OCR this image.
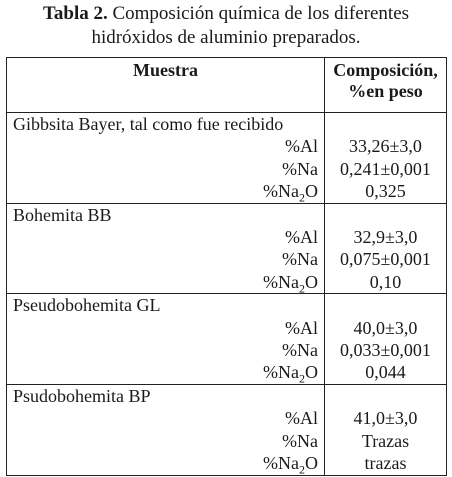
Tabla 2. Composición química de los diferentes
hidróxidos de aluminio preparados.
Muestra	Composición,
%en peso
Gibbsita Bayer, tal como fue recibido	
%Al	33,26±3,0
%Na	0,241±0,001
$\%Na_2O$	0,325
Bohemita BB	
%Al	32,9±3,0
%Na	0,075±0,001
$\%Na_2O$	0,10
Pseudobohemita GL	
%Al	40,0±3,0
%Na	0,033±0,001
$\%Na_2O$	0,044
Psudobohemita BP	
%Al	41,0±3,0
%Na	Trazas
$\%Na_2O$	trazas
